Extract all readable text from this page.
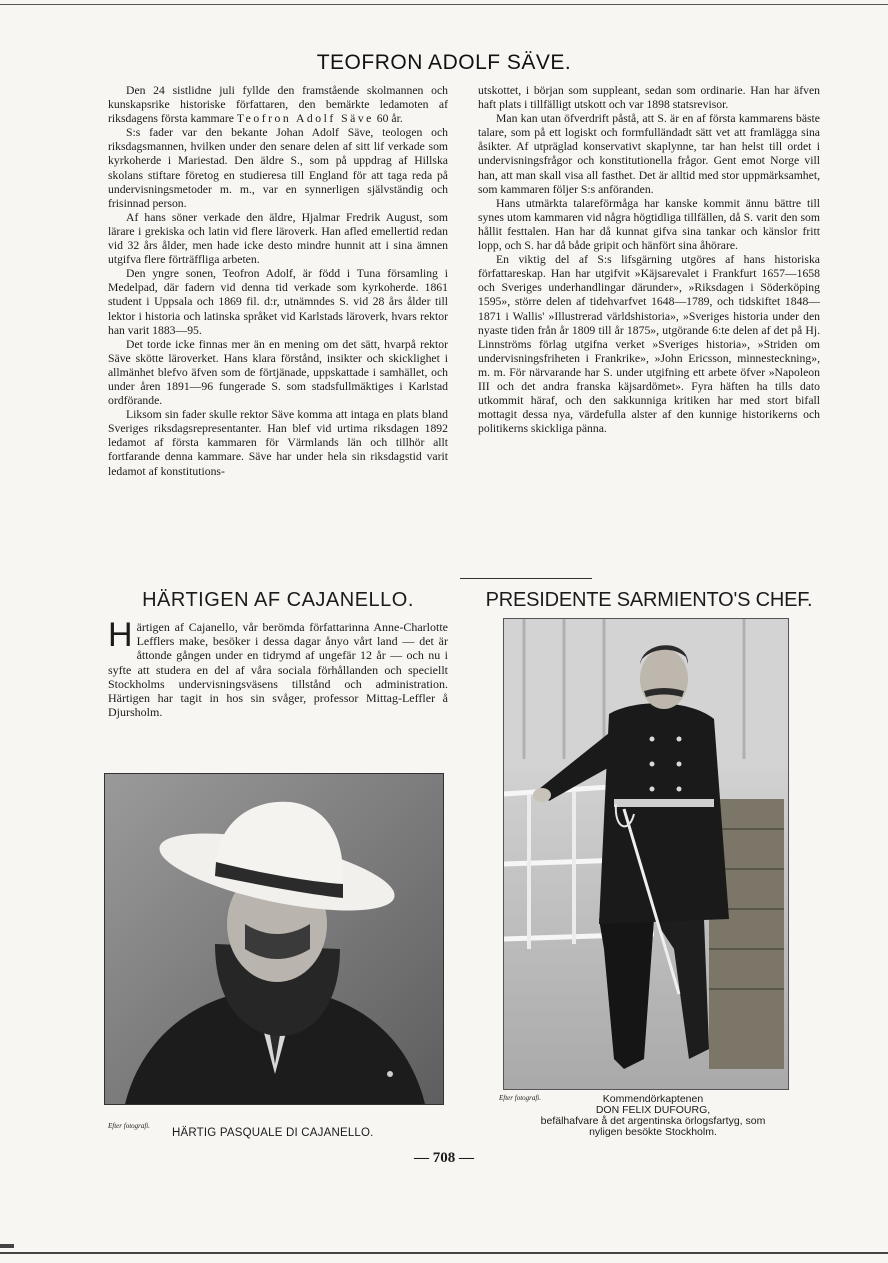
TEOFRON ADOLF SÄVE.

Den 24 sistlidne juli fyllde den framstående skolmannen och kunskapsrike historiske författaren, den bemärkte ledamoten af riksdagens första kammare Teofron Adolf Säve 60 år.

S:s fader var den bekante Johan Adolf Säve, teologen och riksdagsmannen, hvilken under den senare delen af sitt lif verkade som kyrkoherde i Mariestad. Den äldre S., som på uppdrag af Hillska skolans stiftare företog en studieresa till England för att taga reda på undervisningsmetoder m. m., var en synnerligen självständig och frisinnad person.

Af hans söner verkade den äldre, Hjalmar Fredrik August, som lärare i grekiska och latin vid flere läroverk. Han afled emellertid redan vid 32 års ålder, men hade icke desto mindre hunnit att i sina ämnen utgifva flere förträffliga arbeten.

Den yngre sonen, Teofron Adolf, är född i Tuna församling i Medelpad, där fadern vid denna tid verkade som kyrkoherde. 1861 student i Uppsala och 1869 fil. d:r, utnämndes S. vid 28 års ålder till lektor i historia och latinska språket vid Karlstads läroverk, hvars rektor han varit 1883—95.

Det torde icke finnas mer än en mening om det sätt, hvarpå rektor Säve skötte läroverket. Hans klara förstånd, insikter och skicklighet i allmänhet blefvo äfven som de förtjänade, uppskattade i samhället, och under åren 1891—96 fungerade S. som stadsfullmäktiges i Karlstad ordförande.

Liksom sin fader skulle rektor Säve komma att intaga en plats bland Sveriges riksdagsrepresentanter. Han blef vid urtima riksdagen 1892 ledamot af första kammaren för Värmlands län och tillhör allt fortfarande denna kammare. Säve har under hela sin riksdagstid varit ledamot af konstitutions-

utskottet, i början som suppleant, sedan som ordinarie. Han har äfven haft plats i tillfälligt utskott och var 1898 statsrevisor.

Man kan utan öfverdrift påstå, att S. är en af första kammarens bäste talare, som på ett logiskt och formfulländadt sätt vet att framlägga sina åsikter. Af utpräglad konservativt skaplynne, tar han helst till ordet i undervisningsfrågor och konstitutionella frågor. Gent emot Norge vill han, att man skall visa all fasthet. Det är alltid med stor uppmärksamhet, som kammaren följer S:s anföranden.

Hans utmärkta talareförmåga har kanske kommit ännu bättre till synes utom kammaren vid några högtidliga tillfällen, då S. varit den som hållit festtalen. Han har då kunnat gifva sina tankar och känslor fritt lopp, och S. har då både gripit och hänfört sina åhörare.

En viktig del af S:s lifsgärning utgöres af hans historiska författareskap. Han har utgifvit »Käjsarevalet i Frankfurt 1657—1658 och Sveriges underhandlingar därunder», »Riksdagen i Söderköping 1595», större delen af tidehvarfvet 1648—1789, och tidskiftet 1848—1871 i Wallis' »Illustrerad världshistoria», »Sveriges historia under den nyaste tiden från år 1809 till år 1875», utgörande 6:te delen af det på Hj. Linnströms förlag utgifna verket »Sveriges historia», »Striden om undervisningsfriheten i Frankrike», »John Ericsson, minnesteckning», m. m. För närvarande har S. under utgifning ett arbete öfver »Napoleon III och det andra franska käjsardömet». Fyra häften ha tills dato utkommit häraf, och den sakkunniga kritiken har med stort bifall mottagit dessa nya, värdefulla alster af den kunnige historikerns och politikerns skickliga pänna.

HÄRTIGEN AF CAJANELLO.	PRESIDENTE SARMIENTO'S CHEF.
Härtigen af Cajanello, vår berömda författarinna Anne-Charlotte Lefflers make, besöker i dessa dagar ånyo vårt land — det är åttonde gången under en tidrymd af ungefär 12 år — och nu i syfte att studera en del af våra sociala förhållanden och speciellt Stockholms undervisningsväsens tillstånd och administration. Härtigen har tagit in hos sin svåger, professor Mittag-Leffler å Djursholm.
Efter fotografi.
HÄRTIG PASQUALE DI CAJANELLO.
Efter fotografi.	Kommendörkaptenen
DON FELIX DUFOURG,
befälhafvare å det argentinska örlogsfartyg, som
nyligen besökte Stockholm.
— 708 —
